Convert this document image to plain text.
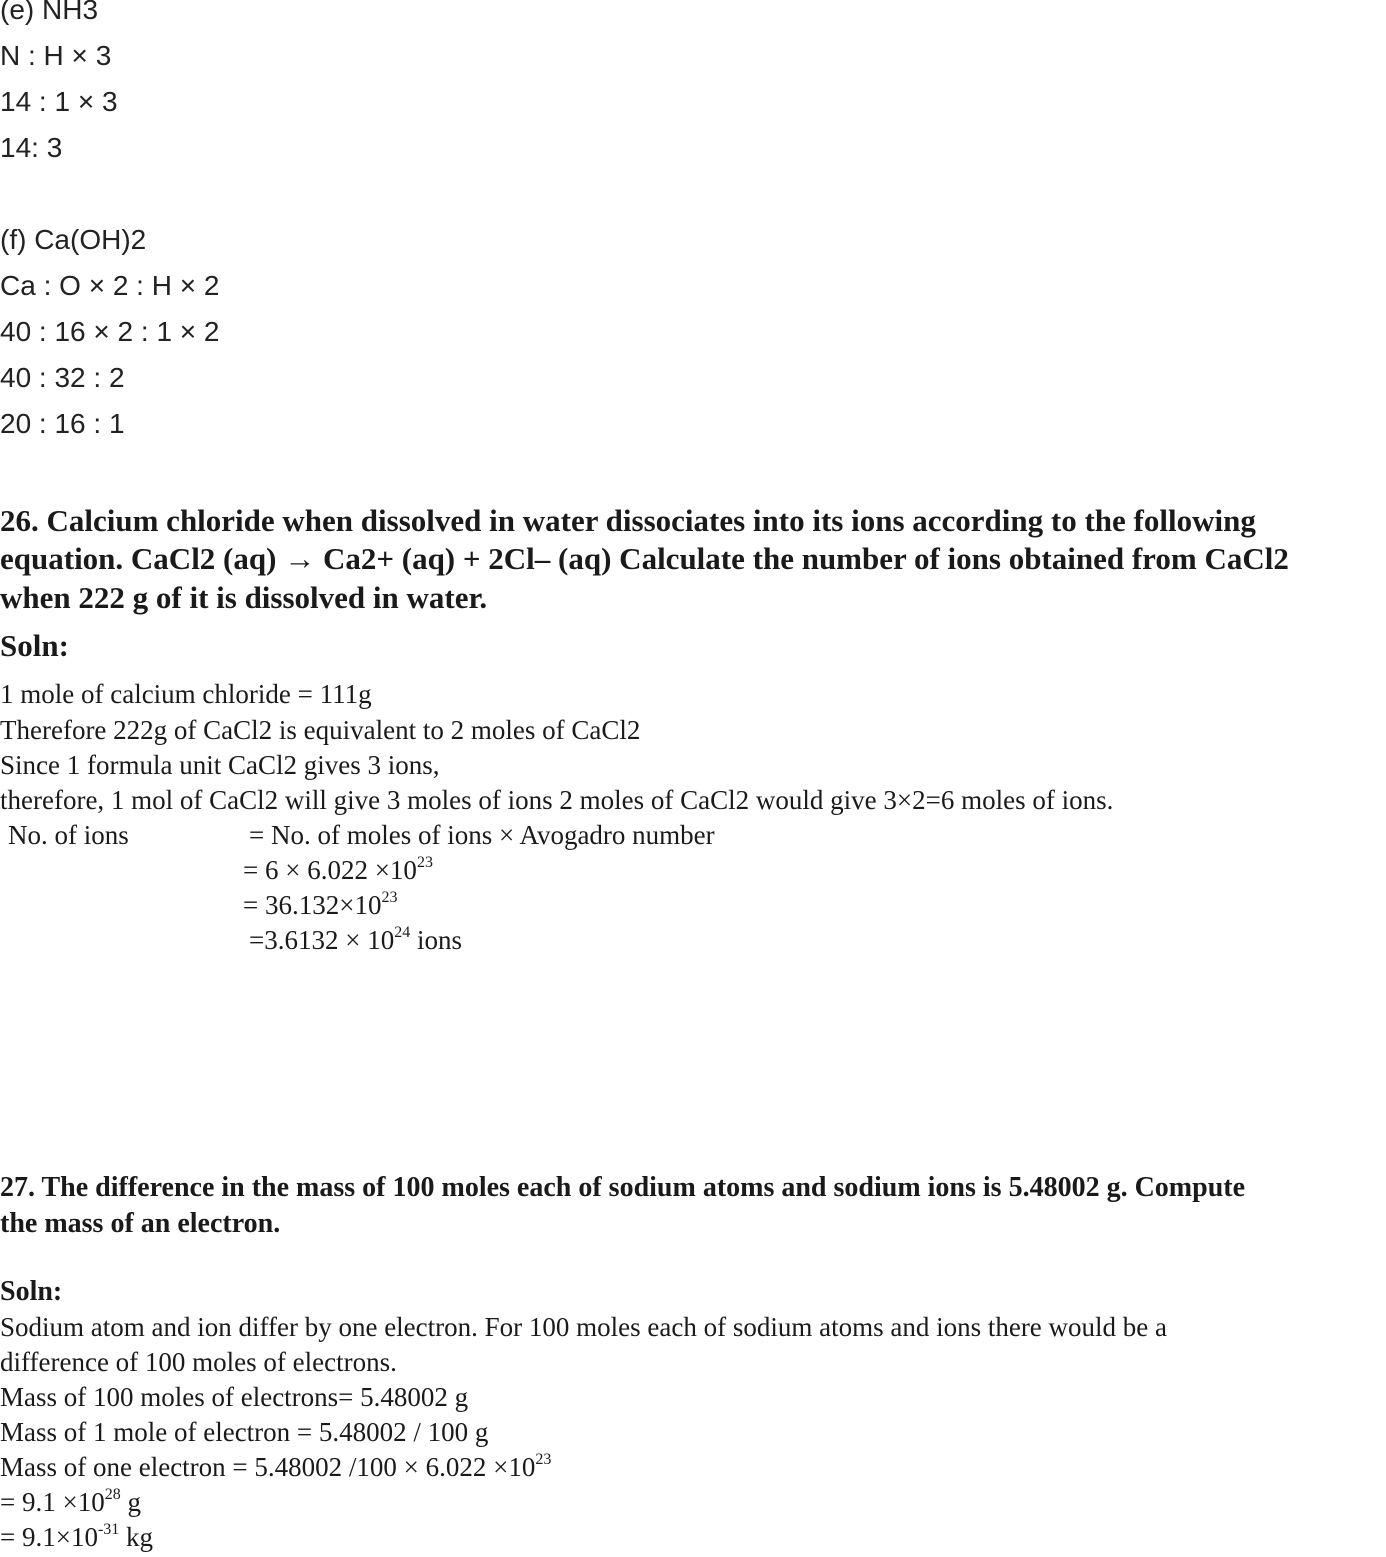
(e) NH3
N : H × 3
14 : 1 × 3
14: 3
(f) Ca(OH)2
Ca : O × 2 : H × 2
40 : 16 × 2 : 1 × 2
40 : 32 : 2
20 : 16 : 1
26. Calcium chloride when dissolved in water dissociates into its ions according to the following
equation. CaCl2 (aq) → Ca2+ (aq) + 2Cl– (aq) Calculate the number of ions obtained from CaCl2
when 222 g of it is dissolved in water.
Soln:
1 mole of calcium chloride = 111g
Therefore 222g of CaCl2 is equivalent to 2 moles of CaCl2
Since 1 formula unit CaCl2 gives 3 ions,
therefore, 1 mol of CaCl2 will give 3 moles of ions 2 moles of CaCl2 would give 3×2=6 moles of ions.
No. of ions	= No. of moles of ions × Avogadro number
= $6 \times 6.022 \times 10^{23}$
= $36.132\times 10^{23}$
$=3.6132 \times 10^{24}$ ions
27. The difference in the mass of 100 moles each of sodium atoms and sodium ions is 5.48002 g. Compute
the mass of an electron.
Soln:
Sodium atom and ion differ by one electron. For 100 moles each of sodium atoms and ions there would be a
difference of 100 moles of electrons.
Mass of 100 moles of electrons= 5.48002 g
Mass of 1 mole of electron = 5.48002 / 100 g
Mass of one electron = 5.48002 $/100 \times 6.022 \times 10^{23}$
= $9.1 \times 10^{28}$ g
= $9.1\times 10^{-31}$ kg
